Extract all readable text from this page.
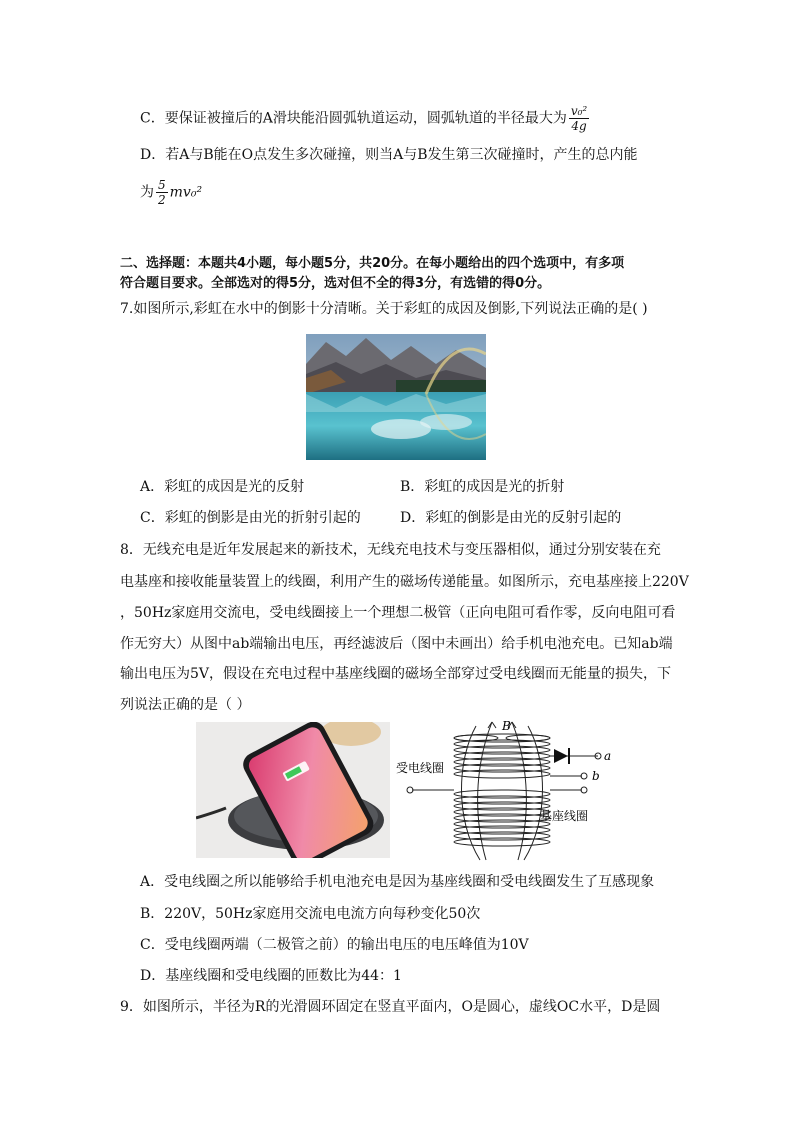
C．要保证被撞后的A滑块能沿圆弧轨道运动，圆弧轨道的半径最大为 $\frac{\text{v₀²}}{4g}$
D．若A与B能在O点发生多次碰撞，则当A与B发生第三次碰撞时，产生的总内能
为 $\frac{5}{2} mv_0^2$
二、选择题：本题共4小题，每小题5分，共20分。在每小题给出的四个选项中，有多项
符合题目要求。全部选对的得5分，选对但不全的得3分，有选错的得0分。
7.如图所示,彩虹在水中的倒影十分清晰。关于彩虹的成因及倒影,下列说法正确的是( )
A．彩虹的成因是光的反射	B．彩虹的成因是光的折射
C．彩虹的倒影是由光的折射引起的	D．彩虹的倒影是由光的反射引起的
8．无线充电是近年发展起来的新技术，无线充电技术与变压器相似，通过分别安装在充
电基座和接收能量装置上的线圈，利用产生的磁场传递能量。如图所示，充电基座接上220V
，50Hz家庭用交流电，受电线圈接上一个理想二极管（正向电阻可看作零，反向电阻可看
作无穷大）从图中ab端输出电压，再经滤波后（图中未画出）给手机电池充电。已知ab端
输出电压为5V，假设在充电过程中基座线圈的磁场全部穿过受电线圈而无能量的损失，下
列说法正确的是（ ）
B
a
b
受电线圈
基座线圈
A．受电线圈之所以能够给手机电池充电是因为基座线圈和受电线圈发生了互感现象
B．220V，50Hz家庭用交流电电流方向每秒变化50次
C．受电线圈两端（二极管之前）的输出电压的电压峰值为10V
D．基座线圈和受电线圈的匝数比为44：1
9．如图所示，半径为R的光滑圆环固定在竖直平面内，O是圆心，虚线OC水平，D是圆
